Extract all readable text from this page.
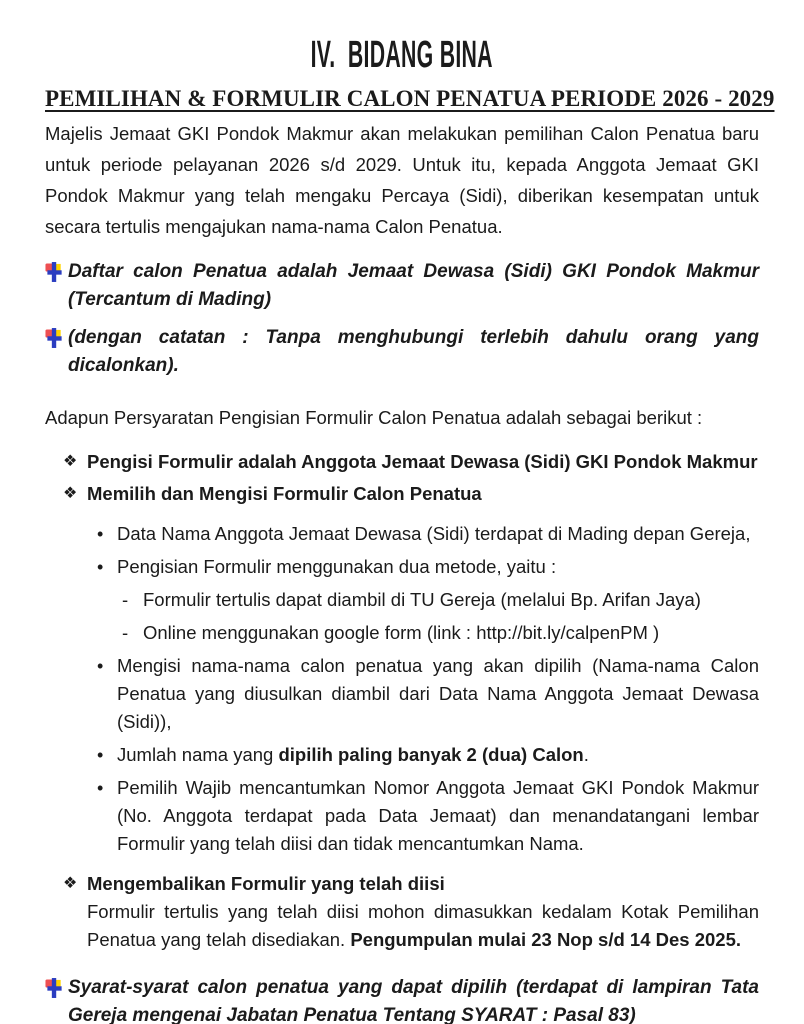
IV.  BIDANG BINA
PEMILIHAN & FORMULIR CALON PENATUA PERIODE 2026 - 2029

Majelis Jemaat GKI Pondok Makmur akan melakukan pemilihan Calon Penatua baru untuk periode pelayanan 2026 s/d 2029. Untuk itu, kepada Anggota Jemaat GKI Pondok Makmur yang telah mengaku Percaya (Sidi), diberikan kesempatan untuk secara tertulis mengajukan nama-nama Calon Penatua.

Daftar calon Penatua adalah Jemaat Dewasa (Sidi) GKI Pondok Makmur (Tercantum di Mading)
(dengan catatan : Tanpa menghubungi terlebih dahulu orang yang dicalonkan).

Adapun Persyaratan Pengisian Formulir Calon Penatua adalah sebagai berikut :

❖ Pengisi Formulir adalah Anggota Jemaat Dewasa (Sidi) GKI Pondok Makmur
❖ Memilih dan Mengisi Formulir Calon Penatua
• Data Nama Anggota Jemaat Dewasa (Sidi) terdapat di Mading depan Gereja,
• Pengisian Formulir menggunakan dua metode, yaitu :
- Formulir tertulis dapat diambil di TU Gereja (melalui Bp. Arifan Jaya)
- Online menggunakan google form (link : http://bit.ly/calpenPM )
• Mengisi nama-nama calon penatua yang akan dipilih (Nama-nama Calon Penatua yang diusulkan diambil dari Data Nama Anggota Jemaat Dewasa (Sidi)),
• Jumlah nama yang dipilih paling banyak 2 (dua) Calon.
• Pemilih Wajib mencantumkan Nomor Anggota Jemaat GKI Pondok Makmur (No. Anggota terdapat pada Data Jemaat) dan menandatangani lembar Formulir yang telah diisi dan tidak mencantumkan Nama.
❖ Mengembalikan Formulir yang telah diisi
Formulir tertulis yang telah diisi mohon dimasukkan kedalam Kotak Pemilihan Penatua yang telah disediakan. Pengumpulan mulai 23 Nop s/d 14 Des 2025.
Syarat-syarat calon penatua yang dapat dipilih (terdapat di lampiran Tata Gereja mengenai Jabatan Penatua Tentang SYARAT : Pasal 83)
